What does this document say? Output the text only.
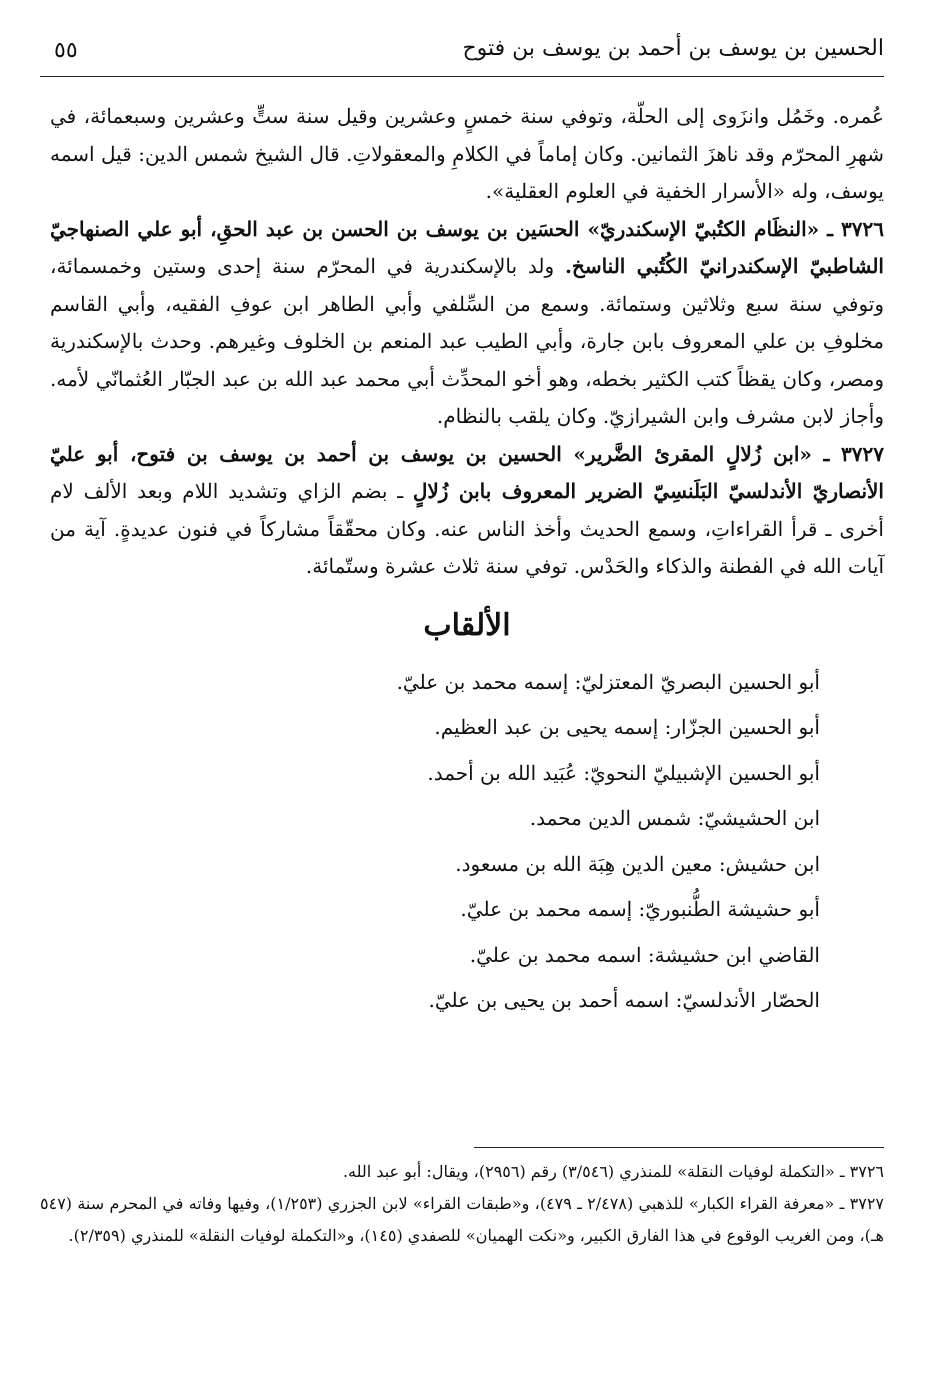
الحسين بن يوسف بن أحمد بن يوسف بن فتوح
٥٥

عُمره. وخَمُل وانزَوى إلى الحلّة، وتوفي سنة خمسٍ وعشرين وقيل سنة ستٍّ وعشرين وسبعمائة، في شهرِ المحرّم وقد ناهزَ الثمانين. وكان إماماً في الكلامِ والمعقولاتِ. قال الشيخ شمس الدين: قيل اسمه يوسف، وله «الأسرار الخفية في العلوم العقلية».

٣٧٢٦ ـ «النظَام الكتُبيّ الإسكندريّ» الحسَين بن يوسف بن الحسن بن عبد الحقِ، أبو علي الصنهاجيّ الشاطبيّ الإسكندرانيّ الكُتُبي الناسخ. ولد بالإسكندرية في المحرّم سنة إحدى وستين وخمسمائة، وتوفي سنة سبع وثلاثين وستمائة. وسمع من السِّلفي وأبي الطاهر ابن عوفِ الفقيه، وأبي القاسم مخلوفِ بن علي المعروف بابن جارة، وأبي الطيب عبد المنعم بن الخلوف وغيرهم. وحدث بالإسكندرية ومصر، وكان يقظاً كتب الكثير بخطه، وهو أخو المحدِّث أبي محمد عبد الله بن عبد الجبّار العُثمانّي لأمه. وأجاز لابن مشرف وابن الشيرازيّ. وكان يلقب بالنظام.

٣٧٢٧ ـ «ابن زُلالٍ المقرئ الضَّرير» الحسين بن يوسف بن أحمد بن يوسف بن فتوح، أبو عليّ الأنصاريّ الأندلسيّ البَلَنسِيّ الضرير المعروف بابن زُلالٍ ـ بضم الزاي وتشديد اللام وبعد الألف لام أخرى ـ قرأ القراءاتِ، وسمع الحديث وأخذ الناس عنه. وكان محقّقاً مشاركاً في فنون عديدةٍ. آية من آيات الله في الفطنة والذكاء والحَدْس. توفي سنة ثلاث عشرة وستّمائة.

الألقاب
أبو الحسين البصريّ المعتزليّ: إسمه محمد بن عليّ.
أبو الحسين الجزّار: إسمه يحيى بن عبد العظيم.
أبو الحسين الإشبيليّ النحويّ: عُبَيد الله بن أحمد.
ابن الحشيشيّ: شمس الدين محمد.
ابن حشيش: معين الدين هِبَة الله بن مسعود.
أبو حشيشة الطُّنبوريّ: إسمه محمد بن عليّ.
القاضي ابن حشيشة: اسمه محمد بن عليّ.
الحصّار الأندلسيّ: اسمه أحمد بن يحيى بن عليّ.

٣٧٢٦ ـ «التكملة لوفيات النقلة» للمنذري (٣/٥٤٦) رقم (٢٩٥٦)، ويقال: أبو عبد الله.

٣٧٢٧ ـ «معرفة القراء الكبار» للذهبي (٢/٤٧٨ ـ ٤٧٩)، و«طبقات القراء» لابن الجزري (١/٢٥٣)، وفيها وفاته في المحرم سنة (٥٤٧ هـ)، ومن الغريب الوقوع في هذا الفارق الكبير، و«نكت الهميان» للصفدي (١٤٥)، و«التكملة لوفيات النقلة» للمنذري (٢/٣٥٩).
